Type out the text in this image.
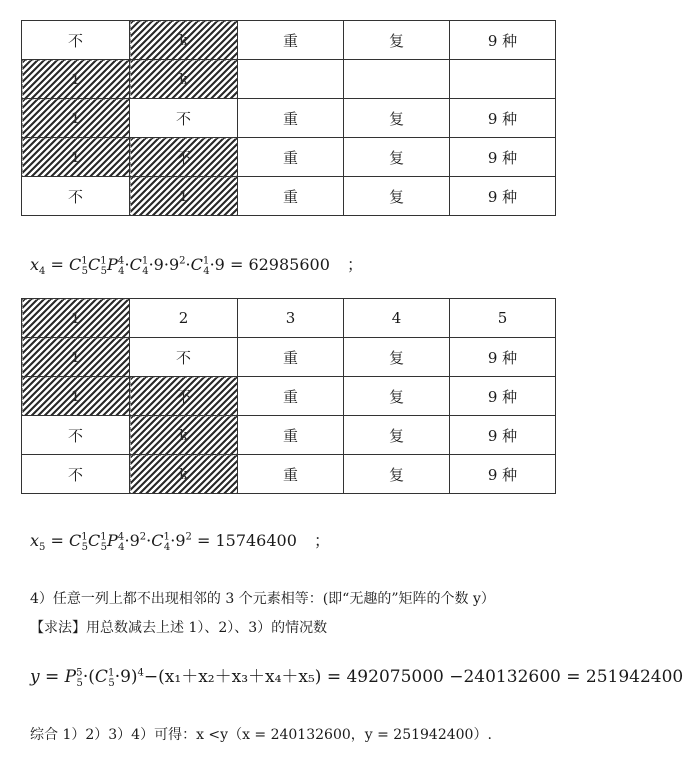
不	k	重	复	9 种
1	k			
1	不	重	复	9 种
1	不	重	复	9 种
不	1	重	复	9 种
$x_4 = C^1_5C^1_5P^4_4\cdot C^1_4\cdot 9\cdot 9^2\cdot C^1_4\cdot 9 = 62985600$ ；
1	2	3	4	5
1	不	重	复	9 种
1	不	重	复	9 种
不	k	重	复	9 种
不	k	重	复	9 种
$x_5 = C^1_5C^1_5P^4_4\cdot 9^2\cdot C^1_4\cdot 9^2 = 15746400$ ；
4）任意一列上都不出现相邻的 3 个元素相等：(即“无趣的”矩阵的个数 y）
【求法】用总数减去上述 1）、2）、3）的情况数
$y = P^5_5\cdot(C^1_5\cdot 9)^4-(x_1+x_2+x_3+x_4+x_5) = 492075000 -240132600 = 251942400$
综合 1）2）3）4）可得：x <y（x = 240132600，y = 251942400）.
